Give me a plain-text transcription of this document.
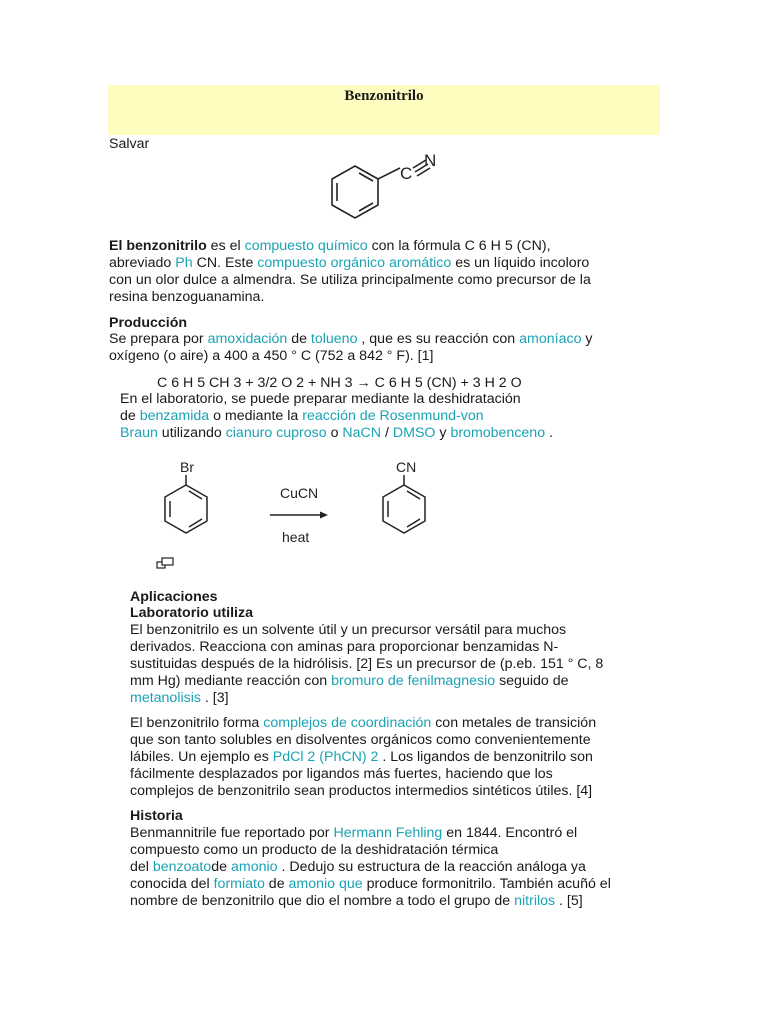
Benzonitrilo
Salvar
C
N
El benzonitrilo es el compuesto químico con la fórmula C 6 H 5 (CN),
abreviado Ph CN. Este compuesto orgánico aromático es un líquido incoloro
con un olor dulce a almendra. Se utiliza principalmente como precursor de la
resina benzoguanamina.
Producción
Se prepara por amoxidación de tolueno , que es su reacción con amoníaco y
oxígeno (o aire) a 400 a 450 ° C (752 a 842 ° F). [1]
C 6 H 5 CH 3 + 3/2 O 2 + NH 3 → C 6 H 5 (CN) + 3 H 2 O
En el laboratorio, se puede preparar mediante la deshidratación
de benzamida o mediante la reacción de Rosenmund-von
Braun utilizando cianuro cuproso o NaCN / DMSO y bromobenceno .
Br	CN
CuCN
heat
Aplicaciones
Laboratorio utiliza
El benzonitrilo es un solvente útil y un precursor versátil para muchos
derivados. Reacciona con aminas para proporcionar benzamidas N-
sustituidas después de la hidrólisis. [2] Es un precursor de (p.eb. 151 ° C, 8
mm Hg) mediante reacción con bromuro de fenilmagnesio seguido de
metanolisis . [3]
El benzonitrilo forma complejos de coordinación con metales de transición
que son tanto solubles en disolventes orgánicos como convenientemente
lábiles. Un ejemplo es PdCl 2 (PhCN) 2 . Los ligandos de benzonitrilo son
fácilmente desplazados por ligandos más fuertes, haciendo que los
complejos de benzonitrilo sean productos intermedios sintéticos útiles. [4]
Historia
Benmannitrile fue reportado por Hermann Fehling en 1844. Encontró el
compuesto como un producto de la deshidratación térmica
del benzoatode amonio . Dedujo su estructura de la reacción análoga ya
conocida del formiato de amonio que produce formonitrilo. También acuñó el
nombre de benzonitrilo que dio el nombre a todo el grupo de nitrilos . [5]
